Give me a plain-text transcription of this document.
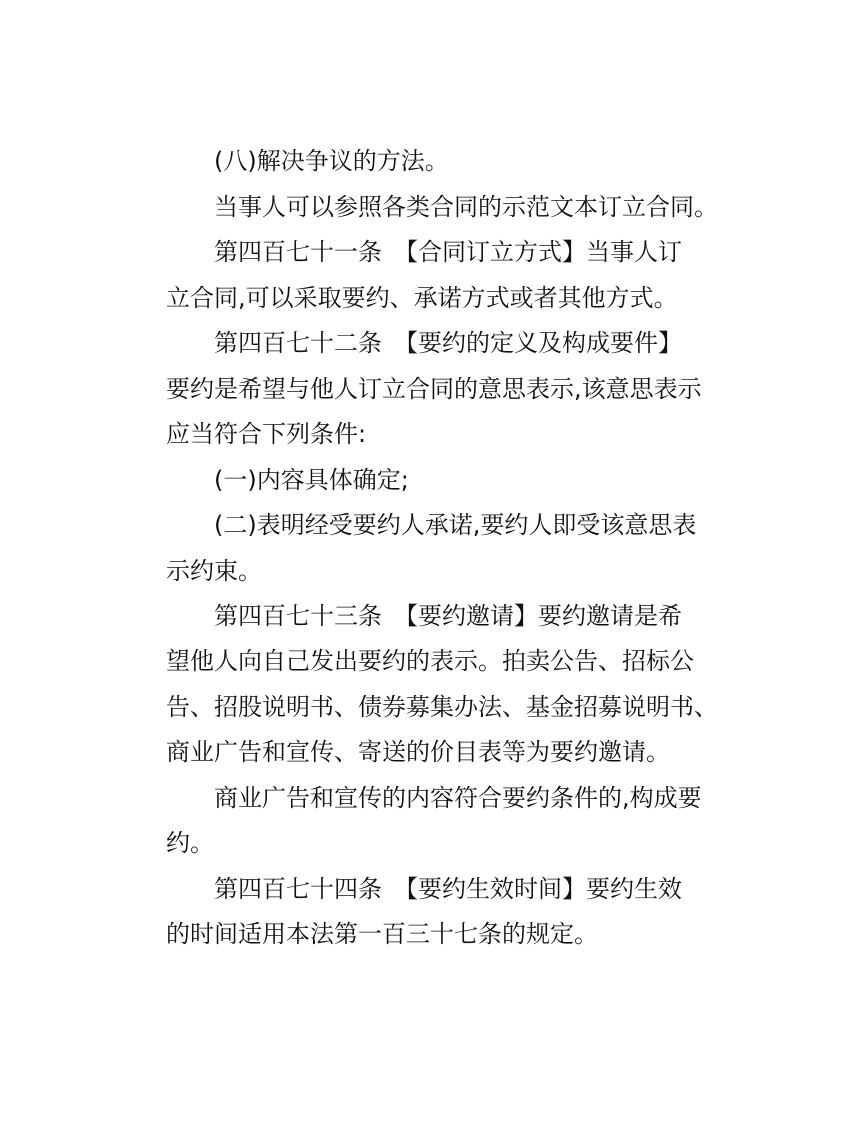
(八)解决争议的方法。
当事人可以参照各类合同的示范文本订立合同。
第四百七十一条　【合同订立方式】当事人订
立合同,可以采取要约、承诺方式或者其他方式。
第四百七十二条　【要约的定义及构成要件】
要约是希望与他人订立合同的意思表示,该意思表示
应当符合下列条件:
(一)内容具体确定;
(二)表明经受要约人承诺,要约人即受该意思表
示约束。
第四百七十三条　【要约邀请】要约邀请是希
望他人向自己发出要约的表示。拍卖公告、招标公
告、招股说明书、债券募集办法、基金招募说明书、
商业广告和宣传、寄送的价目表等为要约邀请。
商业广告和宣传的内容符合要约条件的,构成要
约。
第四百七十四条　【要约生效时间】要约生效
的时间适用本法第一百三十七条的规定。
